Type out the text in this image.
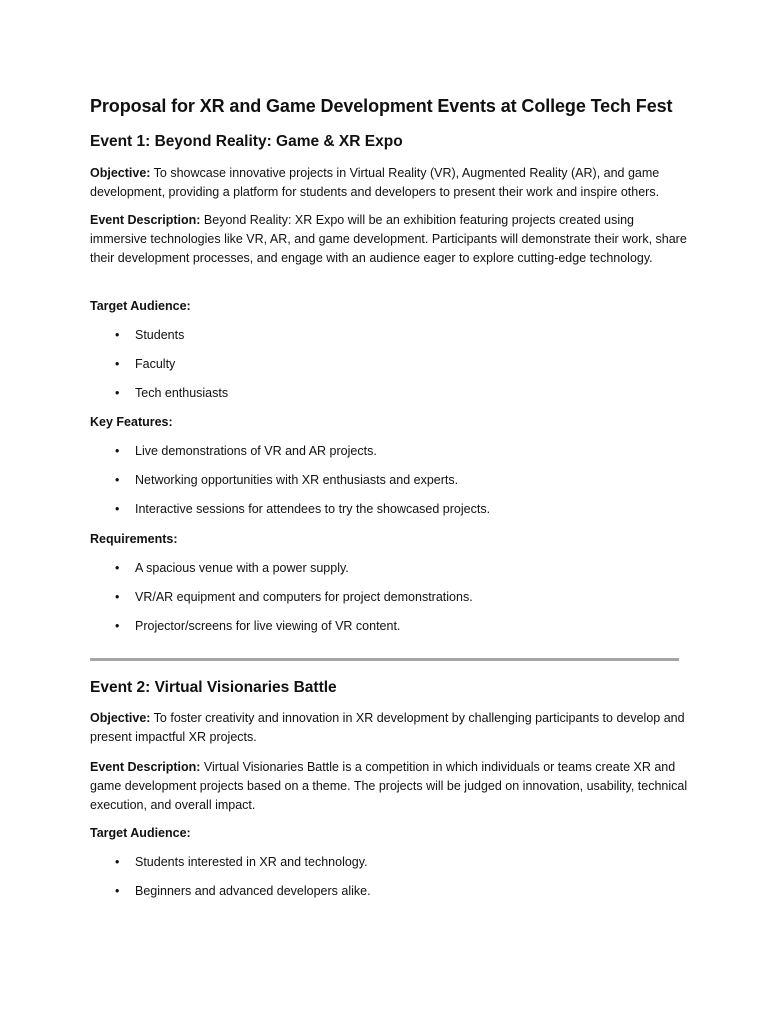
Proposal for XR and Game Development Events at College Tech Fest
Event 1: Beyond Reality: Game & XR Expo

Objective: To showcase innovative projects in Virtual Reality (VR), Augmented Reality (AR), and game development, providing a platform for students and developers to present their work and inspire others.

Event Description: Beyond Reality: XR Expo will be an exhibition featuring projects created using immersive technologies like VR, AR, and game development. Participants will demonstrate their work, share their development processes, and engage with an audience eager to explore cutting-edge technology.

Target Audience:

• Students
• Faculty
• Tech enthusiasts

Key Features:

• Live demonstrations of VR and AR projects.
• Networking opportunities with XR enthusiasts and experts.
• Interactive sessions for attendees to try the showcased projects.

Requirements:

• A spacious venue with a power supply.
• VR/AR equipment and computers for project demonstrations.
• Projector/screens for live viewing of VR content.
Event 2: Virtual Visionaries Battle

Objective: To foster creativity and innovation in XR development by challenging participants to develop and present impactful XR projects.

Event Description: Virtual Visionaries Battle is a competition in which individuals or teams create XR and game development projects based on a theme. The projects will be judged on innovation, usability, technical execution, and overall impact.

Target Audience:

• Students interested in XR and technology.
• Beginners and advanced developers alike.
